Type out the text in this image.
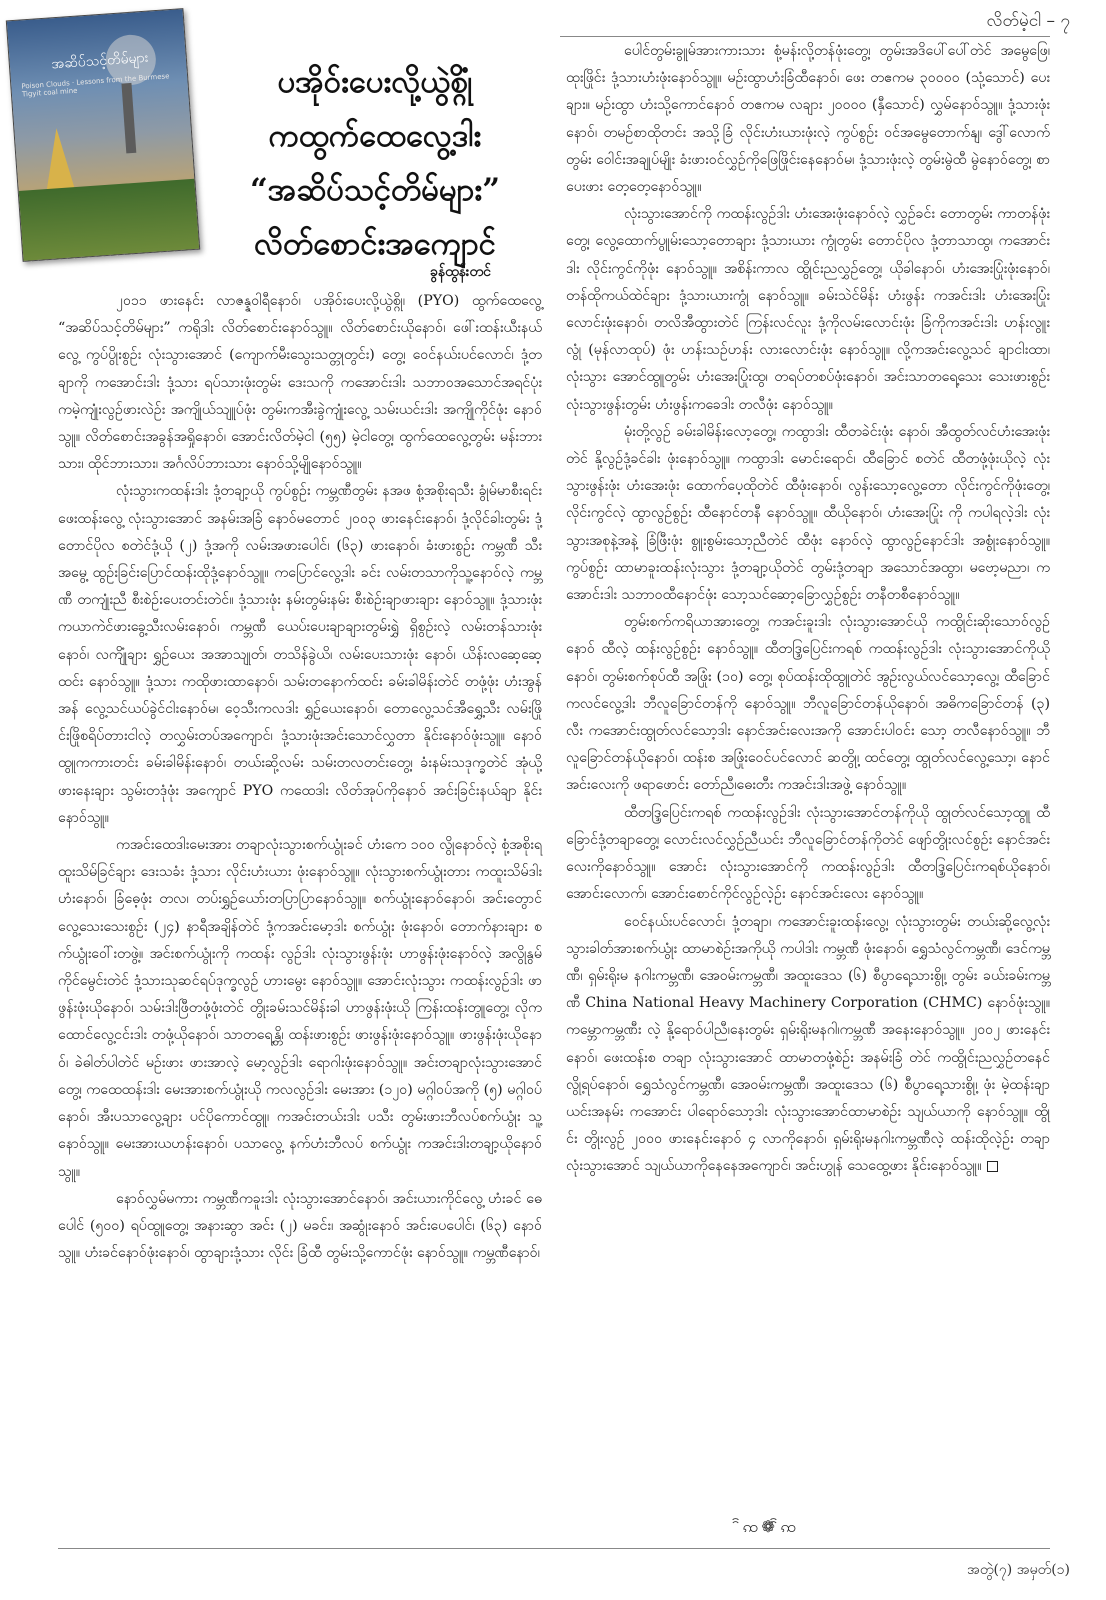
လိတ်မဲ့ငါ – ၇
အဆိပ်သင့်တိမ်များ
Poison Clouds · Lessons from the Burmese Tigyit coal mine	ပအိုဝ်းပေးလို့ယွဲစ္ဂိုံ
ကထွက်ထေလွေ့ဒါး
“အဆိပ်သင့်တိမ်များ”
လိတ်စောင်းအကျောင်
ခွန်ထွန်းတင်

၂၀၁၁ ဖားနေင်း လာဇန္နဝါရီနောဝ်၊ ပအိုဝ်းပေးလို့ယွဲစ္ဂို၊ (PYO) ထွက်ထေလွေ့ “အဆိပ်သင့်တိမ်များ” ကရိုဒါး လိတ်စောင်းနောဝ်သွူ။ လိတ်စောင်းယိုနောဝ်၊ ဖေါ်းထန်းယီးနယ်လွေ့ ကွပ်ပွိုးစွဉ်း လုံးသွားအောင် (ကျောက်မီးသွေးသတ္တုတွင်း) တွေ့၊ ဝေင်နယ်းပင်လောင်၊ ဒုံ့တချာကို ကအောင်းဒါး ဒုံ့သား ရပ်သားဖုံးတွမ်း ဒေးသကို ကအောင်းဒါး သဘာဝအသောင်အရင်ပုံး ကမဲ့ကျုံးလွဉ်ဖားလဲဉ်း အကျိုယ်သျူပ်ဖုံး တွမ်းကအီးခွဲကျုံးလွေ့ သမ်းယင်းဒါး အကျိုကိုင်ဖုံး နောဝ်သွူ။ လိတ်စောင်းအခွန်အရှိုနောဝ်၊ အောင်းလိတ်မဲ့ငါ (၅၅) မဲ့ငါတွေ့၊ ထွက်ထေလွေ့တွမ်း မန်းဘားသား၊ ထိုင်ဘားသား၊ အင်္ဂလိပ်ဘားသား နောဝ်သို့မျိုနောဝ်သွူ။

လုံးသွားကထန်းဒါး ဒုံ့တချာ့ယို ကွပ်စွဉ်း ကမ္ဘဏီတွမ်း နအဖ စုံ့အစိုးရသီး ခွုံမ်မာစီးရင်း ဖေးထန်းလွေ့ လုံးသွားအောင် အနမ်းအခြံ နောဝ်မတောင် ၂၀၀၃ ဖားနေင်းနောဝ်၊ ဒုံ့လိုင်ခါးတွမ်း ဒုံ့တောင်ပိုလ စတဲင်ဒုံ့ယို (၂) ဒုံ့အကို လမ်းအဖားပေါင်၊ (၆၃) ဖားနောဝ်၊ ခံးဖားစွဉ်း ကမ္ဘဏီ သီး အမွေ့ ထွဉ်းခြင်းပြောင်ထန်းထိုဒုံ့နောဝ်သွူ။ ကပြောင်လွေ့ဒါး ခင်း လမ်းတသာကိုသူ့နောဝ်လဲ့ ကမ္ဘဏီ တကျုံးညီ စီးစဲဉ်းပေးတင်းတဲင်။ ဒုံ့သားဖုံး နမ်းတွမ်းနမ်း စီးစဲဉ်းချာဖားချား နောဝ်သွူ။ ဒုံ့သားဖုံး ကယာကဲင်ဖားခွေ့သီးလမ်းနောဝ်၊ ကမ္ဘဏီ ယေပ်းပေးချာချားတွမ်းရွှဲ ရှိစွဉ်းလဲ့ လမ်းတန်သားဖုံး နောဝ်၊ လကျိုံချား ရွှဉ်ယေး အအာသျုတ်၊ တသိန်ခွဲယိ၊ လမ်းပေးသားဖုံး နောဝ်၊ ယိန်းလဆေ့ဆေ့ထင်း နောဝ်သွူ။ ဒုံ့သား ကထိုဖားထာနောဝ်၊ သမ်းတနောက်ထင်း ခမ်းခါမိန်းတဲင် တဖုံ့ဖုံး ဟံးအွန်အန် လွေ့သင်ယပ်ခွဲင်ငါးနောဝ်မ၊ ဝေ့သီးကလဒါး ရွှဉ်ယေးနောဝ်၊ တောလွေ့သင်အီရွှေ့သီး လမ်းဖြိုင်းဖြိုစရိပ်တားငါလဲ့ တလွှမ်းတပ်အကျောင်၊ ဒုံ့သားဖုံးအင်းသောင်လွှတာ နိုင်းနောဝ်ဖုံးသွူ။ နောဝ်ထွူကကားတင်း ခမ်းခါမိန်းနောဝ်၊ တယ်းဆို့လမ်း သမ်းတလတင်းတွေ့၊ ခံးနမ်းသဒုက္ခတဲင် အုံယို့ဖားနေးချား သွမ်းတဒုံဖုံး အကျောင် PYO ကထေဒါး လိတ်အုပ်ကိုနောဝ် အင်းခြင်းနယ်ချာ နိုင်းနောဝ်သွူ။

ကအင်းထေဒါးမေးအား တချာလုံးသွားစက်ယွုံးခင် ဟံးကေ ၁၀၀ လွိုနောဝ်လဲ့ စုံ့အစိုးရ ထူးသိမ်ခြင်ချား ဒေးသခံး ဒုံ့သား လိုင်းဟံးယား ဖုံးနောဝ်သွူ။ လုံးသွားစက်ယွုံးတား ကထူးသိမ်ဒါးဟံးနောဝ်၊ ခြံဓေ့ဖုံး တလ၊ တပ်းရွှဉ်ယော်းတပြာပြာနောဝ်သွူ။ စက်ယွုံးနောဝ်နောဝ်၊ အင်းတွောင်လွေ့သေးသေးစွဉ်း (၂၄) နာရီအချိန်တဲင် ဒုံ့ကအင်းမော့ဒါး စက်ယွုံး ဖုံးနောဝ်၊ တောက်နားချား စက်ယွုံးဝေါ်းတဖွဲ့။ အင်းစက်ယွုံးကို ကထန်း လွဉ်ဒါး လုံးသွားဖွန်းဖုံး ဟာဖွန်းဖုံးနောဝ်လဲ့ အလွိုနွမ်ကိုင်မွေင်းတဲင် ဒုံ့သားသုဆင်ရပ်ဒုက္ခလွဉ် ဟားမွေး နောဝ်သွူ။ အောင်းလုံးသွား ကထန်းလွဉ်ဒါး ဖာဖွန်းဖုံးယိုနောဝ်၊ သမ်းဒါးဖြီတဖုံ့ဖုံးတဲင် တွိုးခမ်းသင်မိန်းခါ ဟာဖွန်းဖုံးယို ကြန်းထန်းတွူတွေ့၊ လိုကထောင်လွေ့ငင်းဒါး တဖုံ့ယိုနောဝ်၊ သာတရေ့န္တိ၊ ထန်းဖားစွဉ်း ဖားဖွန်းဖုံးနောဝ်သွူ။ ဖားဖွန်းဖုံးယိုနောဝ်၊ ခဲဓါတ်ပါတဲင် မဉ်းဖား ဖားအာလဲ့ မော့လွဉ်ဒါး ရောဂါးဖုံးနောဝ်သွူ။ အင်းတချာလုံးသွားအောင်တွေ့၊ ကထေထန်းဒါး မေးအားစက်ယွုံးယို ကလလွဉ်ဒါး မေးအား (၁၂၀) မဂ္ဂါဝပ်အကို (၅) မဂ္ဂါဝပ်နောဝ်၊ အီးပသာလွေ့ချား ပင်ပိုကောင်ထွူ၊ ကအင်းတယ်းဒါး ပသီး တွမ်းဖားဘီလပ်စက်ယွုံး သူ့နောဝ်သွူ။ မေးအားယဟန်းနောဝ်၊ ပသာလွေ့ နက်ဟံးဘီလပ် စက်ယွုံး ကအင်းဒါးတချာ့ယိုနောဝ်သွူ။

နောဝ်လွှမ်မကား ကမ္ဘဏီကခူးဒါး လုံးသွားအောင်နောဝ်၊ အင်းယားကိုင်လွေ့ ဟံးခင် ဓေပေါင် (၅၀၀) ရပ်ထွူတွေ့၊ အနားဆွာ အင်း (၂) မခင်း၊ အဆွုံးနောဝ် အင်းပေပေါင်၊ (၆၃) နောဝ်သွူ။ ဟံးခင်နောဝ်ဖုံးနောဝ်၊ ထွာချားဒုံ့သား လိုင်း ခြံထီ တွမ်းသို့ကောင်ဖုံး နောဝ်သွူ။ ကမ္ဘဏီနောဝ်၊

ပေါင်တွမ်းခွူမ်အားကားသား စုံ့မန်းလို့တန်ဖုံးတွေ့၊ တွမ်းအဒိပေါ်ပေါ်တဲင် အမွေဖြေ၊ထုးဖြိုင်း ဒုံ့သားဟံးဖုံးနောဝ်သွူ။ မဉ်းထွာဟံးခြံထီနောဝ်၊ ဖေး တဧကမ ၃၀၀၀၀ (သုံ့သောင်) ပေးချား။ မဉ်းထွာ ဟံးသို့ကောင်နောဝ် တဧကမ လချား ၂၀၀၀၀ (နှီသောင်) လွှမ်နောဝ်သွူ။ ဒုံ့သားဖုံးနောဝ်၊ တမဉ်စာထိုတင်း အသို့ခြံ လိုင်းဟံးယားဖုံးလဲ့ ကွပ်စွဉ်း ဝင်အမွေတောက်နျ၊ ဒွေါ်လောက်တွမ်း ဝေါင်းအချုပ်မျိုး ခံးဖားဝင်လွှဉ်ကိုဖြေဖြိုင်းနေနောဝ်မ၊ ဒုံ့သားဖုံးလဲ့ တွမ်းမွဲထီ မွဲနောဝ်တွေ့၊ စာပေးဖား တေ့တေ့နောဝ်သွူ။

လုံးသွားအောင်ကို ကထန်းလွဉ်ဒါး ဟံးအေးဖုံးနောဝ်လဲ့ လွှဉ်ခင်း တောတွမ်း ကာတန်ဖုံးတွေ့၊ လွေ့ထောက်ပွူမ်းသော့တောချား ဒုံ့သားယား ကွုံတွမ်း တောင်ပိုလ ဒုံ့တာသာထွ၊ ကအောင်းဒါး လိုင်းကွင်ကိုဖုံး နောဝ်သွူ။ အစိန်းကာလ ထွိုင်းညလွှဉ်တွေ့၊ ယိုခါနောဝ်၊ ဟံးအေးပြုံးဖုံးနောဝ်၊ တန်ထိုကယ်ထဲင်ချား ဒုံ့သားယားကွုံ နောဝ်သွူ။ ခမ်းသဲင်မိန်း ဟံးဖွန်း ကအင်းဒါး ဟံးအေးပြုံးလောင်းဖုံးနောဝ်၊ တလိအီထွားတဲင် ကြန်းလင်လူး ဒုံ့ကိုလမ်းလောင်းဖုံး ခြံကိုကအင်းဒါး ဟန်းလွူးလွုံ (မုန်လာထုပ်) ဖုံး ဟန်းသဉ်ဟန်း လားလောင်းဖုံး နောဝ်သွူ။ လို့ကအင်းလွေ့သင် ချာငါးထာ၊ လုံးသွား အောင်ထွူတွမ်း ဟံးအေးပြုံးထွ၊ တရပ်တစပ်ဖုံးနောဝ်၊ အင်းသာတရေ့သေး သေးဖားစွဉ်း လုံးသွားဖွန်းတွမ်း ဟံးဖွန်းကခေဒါး တလီဖုံး နောဝ်သွူ။

မုံးတို့လွဉ် ခမ်းခါမိန်းလော့တွေ့၊ ကထွာဒါး ထီတခဲင်းဖုံး နောဝ်၊ အီထွတ်လင်ဟံးအေးဖုံးတဲင် နို့လွဉ်ဒုံ့ခင်ခါး ဖုံးနောဝ်သွူ။ ကထွာဒါး မောင်းရောင်၊ ထီခြောင် စတဲင် ထီတဖုံ့ဖုံးယိုလဲ့ လုံးသွားဖွန်းဖုံး ဟံးအေးဖုံး ထောက်ပေ့ထိုတဲင် ထီဖုံးနောဝ်၊ လွန်းသော့လွေ့တော လိုင်းကွင်ကိုဖုံးတွေ့၊ လိုင်းကွင်လဲ့ ထွာလွဉ်စွဉ်း ထီနောင်တနီ နောဝ်သွူ။ ထီယိုနောဝ်၊ ဟံးအေးပြုံး ကို ကပါရလဲ့ဒါး လုံးသွားအစုနဲ့အနဲ့ ခြံဖြီးဖုံး စွူးစွမ်းသော့ညီတဲင် ထီဖုံး နောဝ်လဲ့ ထွာလွဉ်နောင်ဒါး အစွုံးနောဝ်သွူ။ ကွပ်စွဉ်း ထာမာခူးထန်းလုံးသွား ဒုံ့တချာ့ယိုတဲင် တွမ်းဒုံ့တချာ အသောင်အထွာ၊ မဗော့မညာ၊ ကအောင်းဒါး သဘာဝထီနောင်ဖုံး သော့သင်ဆော့ခြောလွှဉ်စွဉ်း တနီတစီနောဝ်သွူ။

တွမ်းစက်ကရိယာအားတွေ့၊ ကအင်းခူးဒါး လုံးသွားအောင်ယို ကထွိုင်းဆိုးသောဝ်လွဉ်နောဝ် ထီလဲ့ ထန်းလွဉ်စွဉ်း နောဝ်သွူ။ ထီတဒ္ဒြပြေင်းကရစ် ကထန်းလွဉ်ဒါး လုံးသွားအောင်ကိုယိုနောဝ်၊ တွမ်းစက်စုပ်ထီ အဖြုံး (၁၀) တွေ့၊ စုပ်ထန်းထိုထွူတဲင် အွဉ်းလွယ်လင်သော့လွေ့၊ ထီခြောင်ကလင်လွေ့ဒါး ဘီလူခြောင်တန်ကို နောဝ်သွူ။ ဘီလူခြောင်တန်ယိုနောဝ်၊ အဓိကခြောင်တန် (၃) လီး ကအောင်းထွုတ်လင်သော့ဒါး နောင်အင်းလေးအကို အောင်းပါဝင်း သော့ တလီနောဝ်သွူ။ ဘီလူခြောင်တန်ယိုနောဝ်၊ ထန်းစ အဖြုံးဝေင်ပင်လောင် ဆတွို့၊ ထင်တွေ့၊ ထွုတ်လင်လွေ့သော့၊ နောင်အင်းလေးကို ဖရာဖောင်း တော်ညီ၊ဓေးတီး ကအင်းဒါးအဖွဲ့ နောဝ်သွူ။

ထီတဒ္ဒြပြေင်းကရစ် ကထန်းလွဉ်ဒါး လုံးသွားအောင်တန်ကိုယို ထွုတ်လင်သော့ထွူ ထီခြောင်ဒုံ့တချာတွေ့၊ လောင်းလင်လွှဉ်ညီယင်း ဘီလူခြောင်တန်ကိုတဲင် ဖျော်တွိုးလင်စွဉ်း နောင်အင်းလေးကိုနောဝ်သွူ။ အောင်း လုံးသွားအောင်ကို ကထန်းလွဉ်ဒါး ထီတဒ္ဒြပြေင်းကရစ်ယိုနောဝ်၊ အောင်းလောက်၊ အောင်းစောင်ကိုင်လွဉ်လဲ့ဉ်း နောင်အင်းလေး နောဝ်သွူ။

ဝေင်နယ်းပင်လောင်၊ ဒုံ့တချာ၊ ကအောင်းခူးထန်းလွေ့၊ လုံးသွားတွမ်း တယ်းဆို့လွေ့လုံးသွားခါတ်အားစက်ယွုံး ထာမာစဲဉ်းအကိုယို ကပါဒါး ကမ္ဘဏီ ဖုံးနောဝ်၊ ရွှေသံလွင်ကမ္ဘဏီ၊ ဒေင်ကမ္ဘဏီ၊ ရှမ်းရိုးမ နဂါးကမ္ဘဏီ၊ အေဝမ်းကမ္ဘဏီ၊ အထူးဒေသ (၆) စီပွာရေ့သားစွို့၊ တွမ်း ခယ်းခမ်းကမ္ဘဏီ China National Heavy Machinery Corporation (CHMC) နောဝ်ဖုံးသွူ။ ကမ္ဘောကမ္ဘဏီး လဲ့ နို့ရောဝ်ပါညီ၊နေးတွမ်း ရှမ်းရိုးမနဂါ၊ကမ္ဘဏီ အနေးနောဝ်သွူ။ ၂၀၀၂ ဖားနေင်းနောဝ်၊ ဖေးထန်းစ တချာ လုံးသွားအောင် ထာမာတဖုံ့စဲဉ်း အနမ်းခြံ တဲင် ကထွိုင်းညလွှဉ်တနေင်လွို့ရပ်နောဝ်၊ ရွှေသံလွင်ကမ္ဘဏီ၊ အေဝမ်းကမ္ဘဏီ၊ အထူးဒေသ (၆) စီပွာရေ့သားစွို့၊ ဖုံး မဲ့ထန်းချာယင်းအနမ်း ကအောင်း ပါရောဝ်သော့ဒါး လုံးသွားအောင်ထာမာစဲဉ်း သျယ်ယာကို နောဝ်သွူ။ ထွိုင်း တွိုးလွဉ် ၂၀၀၀ ဖားနေင်းနောဝ် ၄ လာကိုနောဝ်၊ ရှမ်းရိုးမနဂါးကမ္ဘဏီလဲ့ ထန်းထိုလဲ့ဉ်း တချာ လုံးသွားအောင် သျယ်ယာကိုနေနေအကျောင်၊ အင်းဟွုန် သေထွေ့ဖား နိုင်းနောဝ်သွူ။

ꩰꩡ❁ꩰꩡ
အတွဲ(၇) အမှတ်(၁)
